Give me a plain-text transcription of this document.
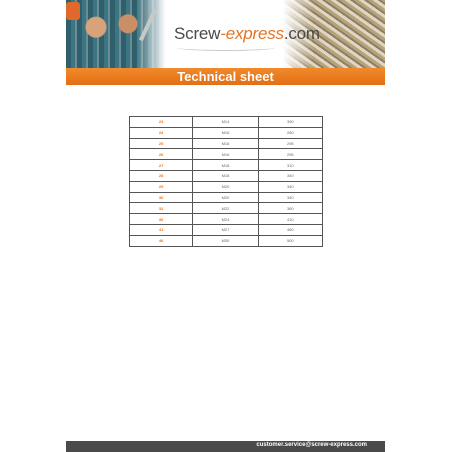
Screw-express.com
Technical sheet
23	M14	390
24	M16	280
25	M16	295
26	M16	295
27	M18	310
28	M18	340
29	M20	340
30	M20	340
32	M22	360
36	M24	410
41	M27	460
46	M30	500
customer.service@screw-express.com
